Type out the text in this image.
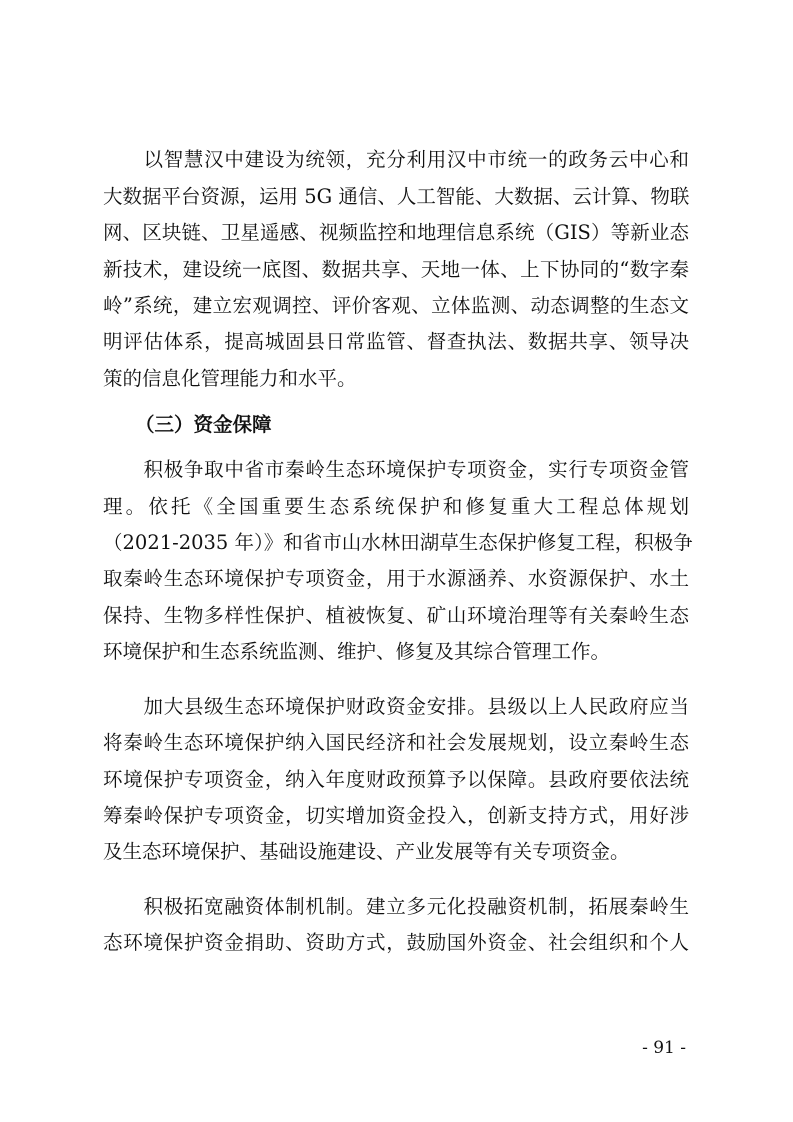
　　以智慧汉中建设为统领，充分利用汉中市统一的政务云中心和
大数据平台资源，运用 5G 通信、人工智能、大数据、云计算、物联
网、区块链、卫星遥感、视频监控和地理信息系统（GIS）等新业态
新技术，建设统一底图、数据共享、天地一体、上下协同的“数字秦
岭”系统，建立宏观调控、评价客观、立体监测、动态调整的生态文
明评估体系，提高城固县日常监管、督查执法、数据共享、领导决
策的信息化管理能力和水平。
（三）资金保障
　　积极争取中省市秦岭生态环境保护专项资金，实行专项资金管
理。依托《全国重要生态系统保护和修复重大工程总体规划
（2021-2035 年）》和省市山水林田湖草生态保护修复工程，积极争
取秦岭生态环境保护专项资金，用于水源涵养、水资源保护、水土
保持、生物多样性保护、植被恢复、矿山环境治理等有关秦岭生态
环境保护和生态系统监测、维护、修复及其综合管理工作。
　　加大县级生态环境保护财政资金安排。县级以上人民政府应当
将秦岭生态环境保护纳入国民经济和社会发展规划，设立秦岭生态
环境保护专项资金，纳入年度财政预算予以保障。县政府要依法统
筹秦岭保护专项资金，切实增加资金投入，创新支持方式，用好涉
及生态环境保护、基础设施建设、产业发展等有关专项资金。
　　积极拓宽融资体制机制。建立多元化投融资机制，拓展秦岭生
态环境保护资金捐助、资助方式，鼓励国外资金、社会组织和个人
- 91 -
